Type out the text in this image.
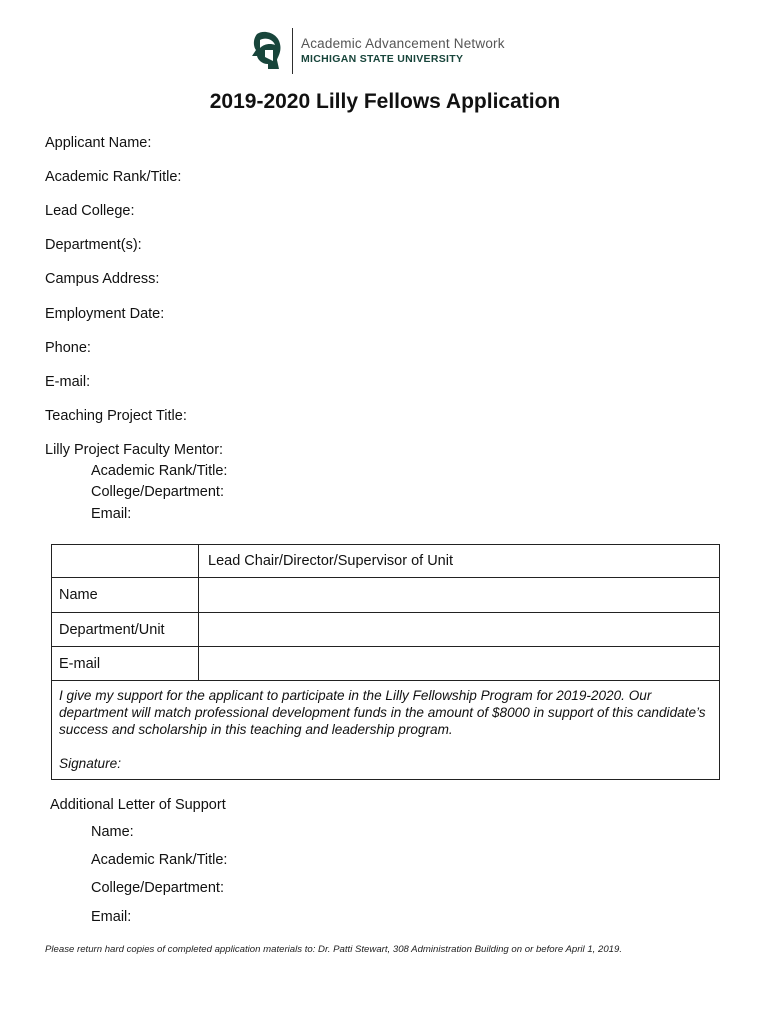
Academic Advancement Network
MICHIGAN STATE UNIVERSITY
2019-2020 Lilly Fellows Application
Applicant Name:
Academic Rank/Title:
Lead College:
Department(s):
Campus Address:
Employment Date:
Phone:
E-mail:
Teaching Project Title:
Lilly Project Faculty Mentor:
Academic Rank/Title:
College/Department:
Email:
	Lead Chair/Director/Supervisor of Unit
Name	
Department/Unit	
E-mail	

I give my support for the applicant to participate in the Lilly Fellowship Program for 2019-2020. Our department will match professional development funds in the amount of $8000 in support of this candidate’s success and scholarship in this teaching and leadership program.

Signature:	

Additional Letter of Support
Name:
Academic Rank/Title:
College/Department:
Email:
Please return hard copies of completed application materials to: Dr. Patti Stewart, 308 Administration Building on or before April 1, 2019.
